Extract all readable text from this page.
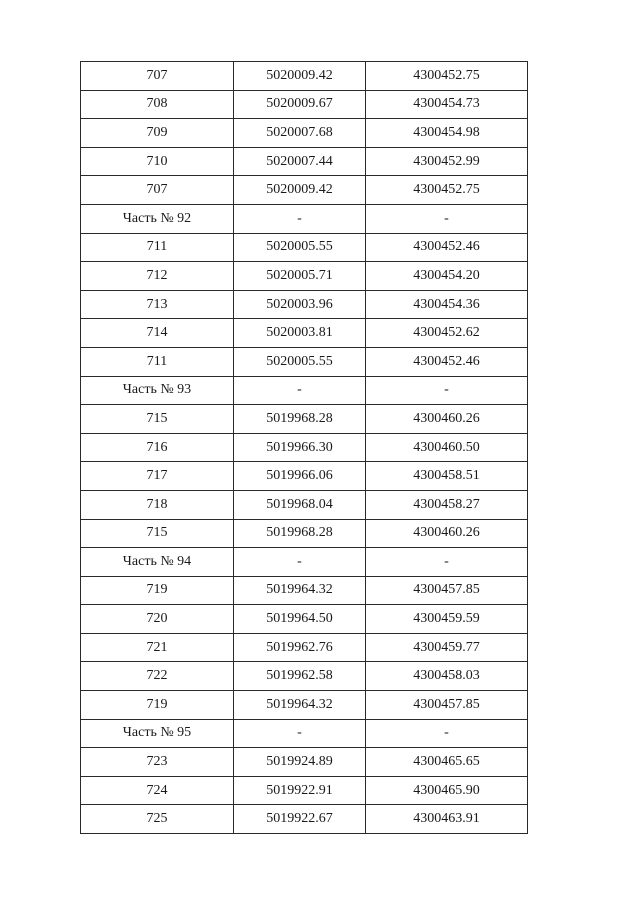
707	5020009.42	4300452.75
708	5020009.67	4300454.73
709	5020007.68	4300454.98
710	5020007.44	4300452.99
707	5020009.42	4300452.75
Часть № 92	-	-
711	5020005.55	4300452.46
712	5020005.71	4300454.20
713	5020003.96	4300454.36
714	5020003.81	4300452.62
711	5020005.55	4300452.46
Часть № 93	-	-
715	5019968.28	4300460.26
716	5019966.30	4300460.50
717	5019966.06	4300458.51
718	5019968.04	4300458.27
715	5019968.28	4300460.26
Часть № 94	-	-
719	5019964.32	4300457.85
720	5019964.50	4300459.59
721	5019962.76	4300459.77
722	5019962.58	4300458.03
719	5019964.32	4300457.85
Часть № 95	-	-
723	5019924.89	4300465.65
724	5019922.91	4300465.90
725	5019922.67	4300463.91
